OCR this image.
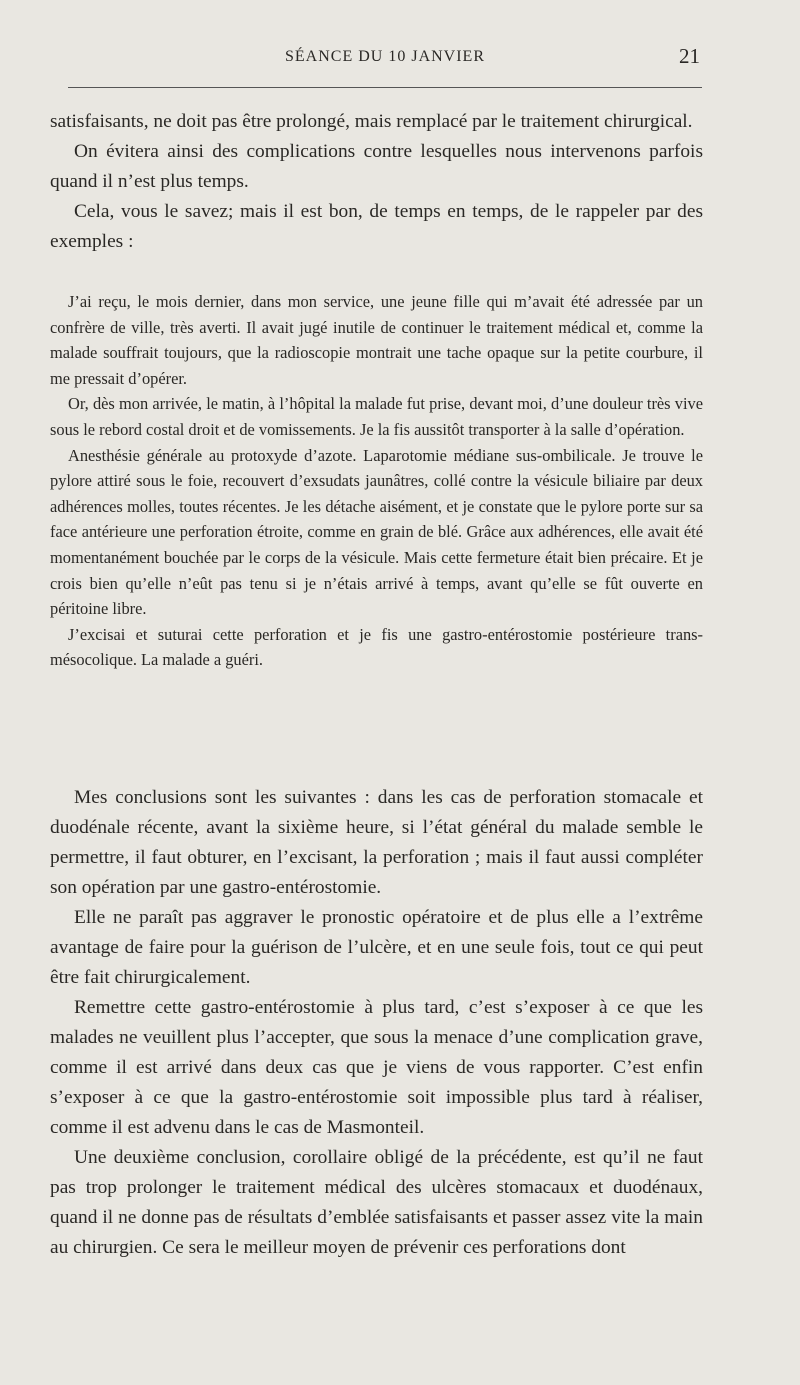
SÉANCE DU 10 JANVIER	21

satisfaisants, ne doit pas être prolongé, mais remplacé par le traitement chirurgical.

On évitera ainsi des complications contre lesquelles nous intervenons parfois quand il n’est plus temps.

Cela, vous le savez; mais il est bon, de temps en temps, de le rappeler par des exemples :

J’ai reçu, le mois dernier, dans mon service, une jeune fille qui m’avait été adressée par un confrère de ville, très averti. Il avait jugé inutile de continuer le traitement médical et, comme la malade souffrait toujours, que la radioscopie montrait une tache opaque sur la petite courbure, il me pressait d’opérer.

Or, dès mon arrivée, le matin, à l’hôpital la malade fut prise, devant moi, d’une douleur très vive sous le rebord costal droit et de vomissements. Je la fis aussitôt transporter à la salle d’opération.

Anesthésie générale au protoxyde d’azote. Laparotomie médiane sus-ombilicale. Je trouve le pylore attiré sous le foie, recouvert d’exsudats jaunâtres, collé contre la vésicule biliaire par deux adhérences molles, toutes récentes. Je les détache aisément, et je constate que le pylore porte sur sa face antérieure une perforation étroite, comme en grain de blé. Grâce aux adhérences, elle avait été momentanément bouchée par le corps de la vésicule. Mais cette fermeture était bien précaire. Et je crois bien qu’elle n’eût pas tenu si je n’étais arrivé à temps, avant qu’elle se fût ouverte en péritoine libre.

J’excisai et suturai cette perforation et je fis une gastro-entérostomie postérieure trans-mésocolique. La malade a guéri.

Mes conclusions sont les suivantes : dans les cas de perforation stomacale et duodénale récente, avant la sixième heure, si l’état général du malade semble le permettre, il faut obturer, en l’excisant, la perforation ; mais il faut aussi compléter son opération par une gastro-entérostomie.

Elle ne paraît pas aggraver le pronostic opératoire et de plus elle a l’extrême avantage de faire pour la guérison de l’ulcère, et en une seule fois, tout ce qui peut être fait chirurgicalement.

Remettre cette gastro-entérostomie à plus tard, c’est s’exposer à ce que les malades ne veuillent plus l’accepter, que sous la menace d’une complication grave, comme il est arrivé dans deux cas que je viens de vous rapporter. C’est enfin s’exposer à ce que la gastro-entérostomie soit impossible plus tard à réaliser, comme il est advenu dans le cas de Masmonteil.

Une deuxième conclusion, corollaire obligé de la précédente, est qu’il ne faut pas trop prolonger le traitement médical des ulcères stomacaux et duodénaux, quand il ne donne pas de résultats d’emblée satisfaisants et passer assez vite la main au chirurgien. Ce sera le meilleur moyen de prévenir ces perforations dont
